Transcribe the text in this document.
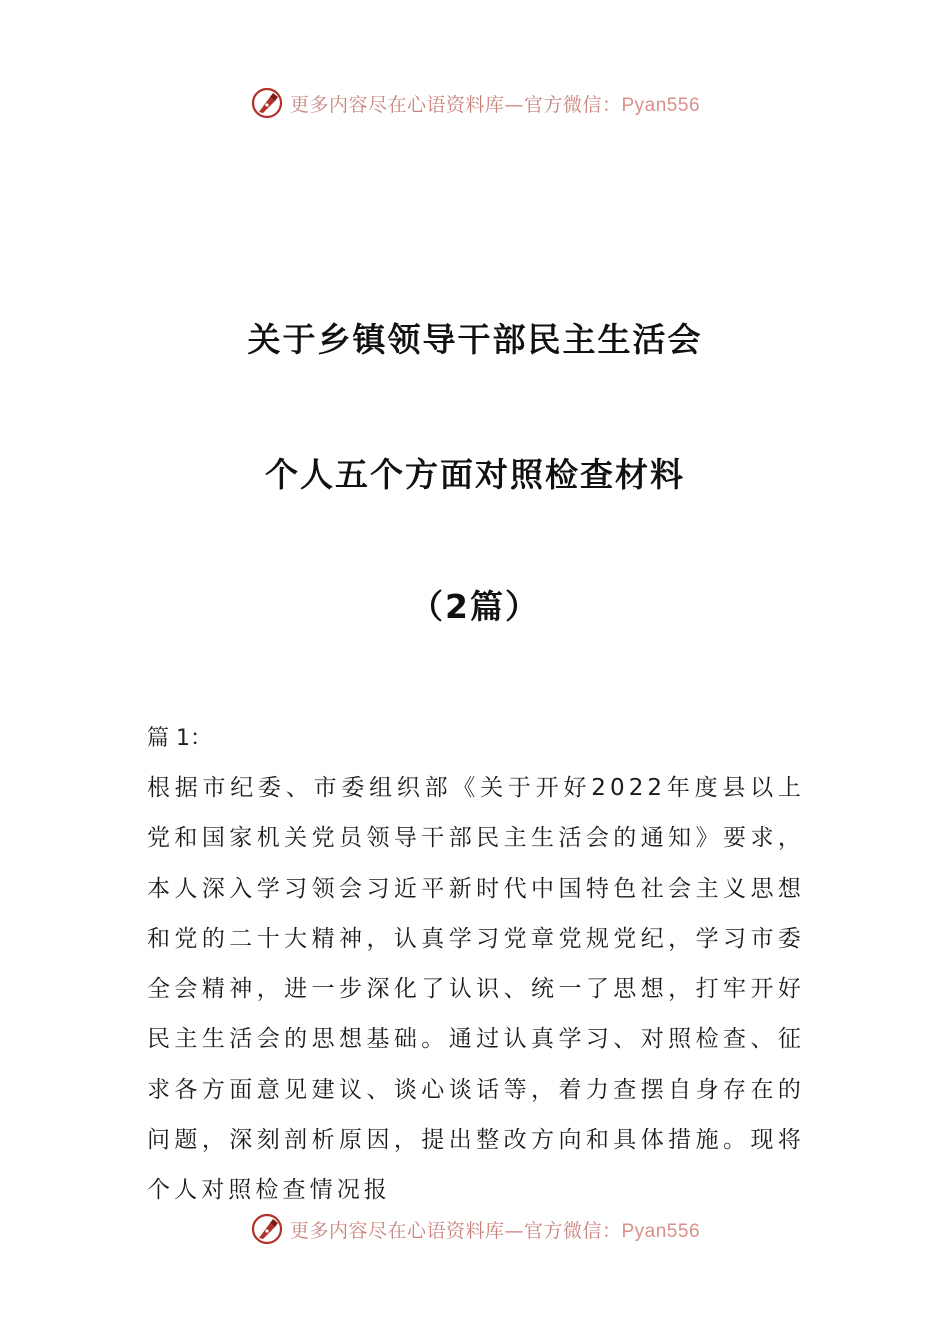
更多内容尽在心语资料库—官方微信：Pyan556
关于乡镇领导干部民主生活会
个人五个方面对照检查材料
（2篇）
篇 1：
根据市纪委、市委组织部《关于开好2022年度县以上党和国家机关党员领导干部民主生活会的通知》要求，本人深入学习领会习近平新时代中国特色社会主义思想和党的二十大精神，认真学习党章党规党纪，学习市委全会精神，进一步深化了认识、统一了思想，打牢开好民主生活会的思想基础。通过认真学习、对照检查、征求各方面意见建议、谈心谈话等，着力查摆自身存在的问题，深刻剖析原因，提出整改方向和具体措施。现将个人对照检查情况报
更多内容尽在心语资料库—官方微信：Pyan556
